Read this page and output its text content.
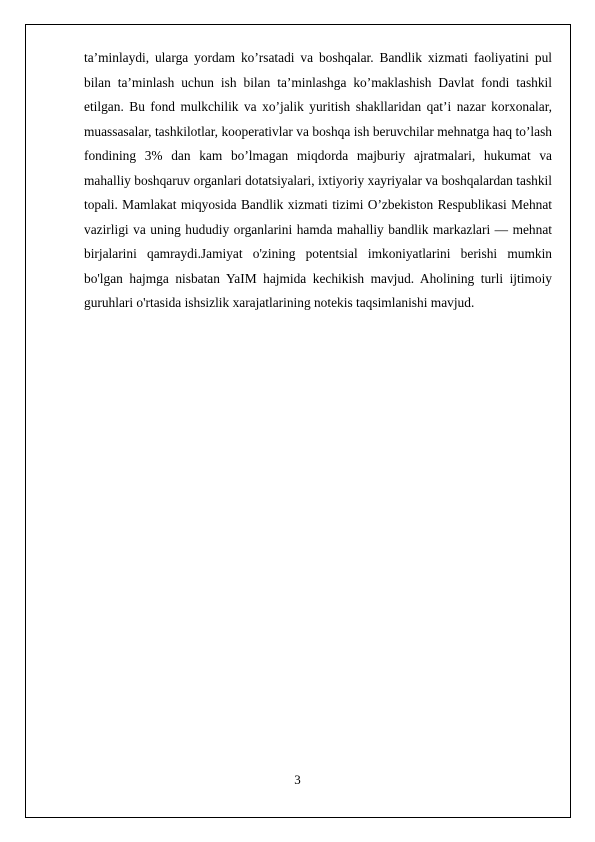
ta’minlaydi, ularga yordam ko’rsatadi va boshqalar. Bandlik xizmati faoliyatini pul bilan ta’minlash uchun ish bilan ta’minlashga ko’maklashish Davlat fondi tashkil etilgan. Bu fond mulkchilik va xo’jalik yuritish shakllaridan qat’i nazar korxonalar, muassasalar, tashkilotlar, kooperativlar va boshqa ish beruvchilar mehnatga haq to’lash fondining 3% dan kam bo’lmagan miqdorda majburiy ajratmalari, hukumat va mahalliy boshqaruv organlari dotatsiyalari, ixtiyoriy xayriyalar va boshqalardan tashkil topali. Mamlakat miqyosida Bandlik xizmati tizimi O’zbekiston Respublikasi Mehnat vazirligi va uning hududiy organlarini hamda mahalliy bandlik markazlari — mehnat birjalarini qamraydi.Jamiyat o'zining potentsial imkoniyatlarini berishi mumkin bo'lgan hajmga nisbatan YaIM hajmida kechikish mavjud. Aholining turli ijtimoiy guruhlari o'rtasida ishsizlik xarajatlarining notekis taqsimlanishi mavjud.

3
